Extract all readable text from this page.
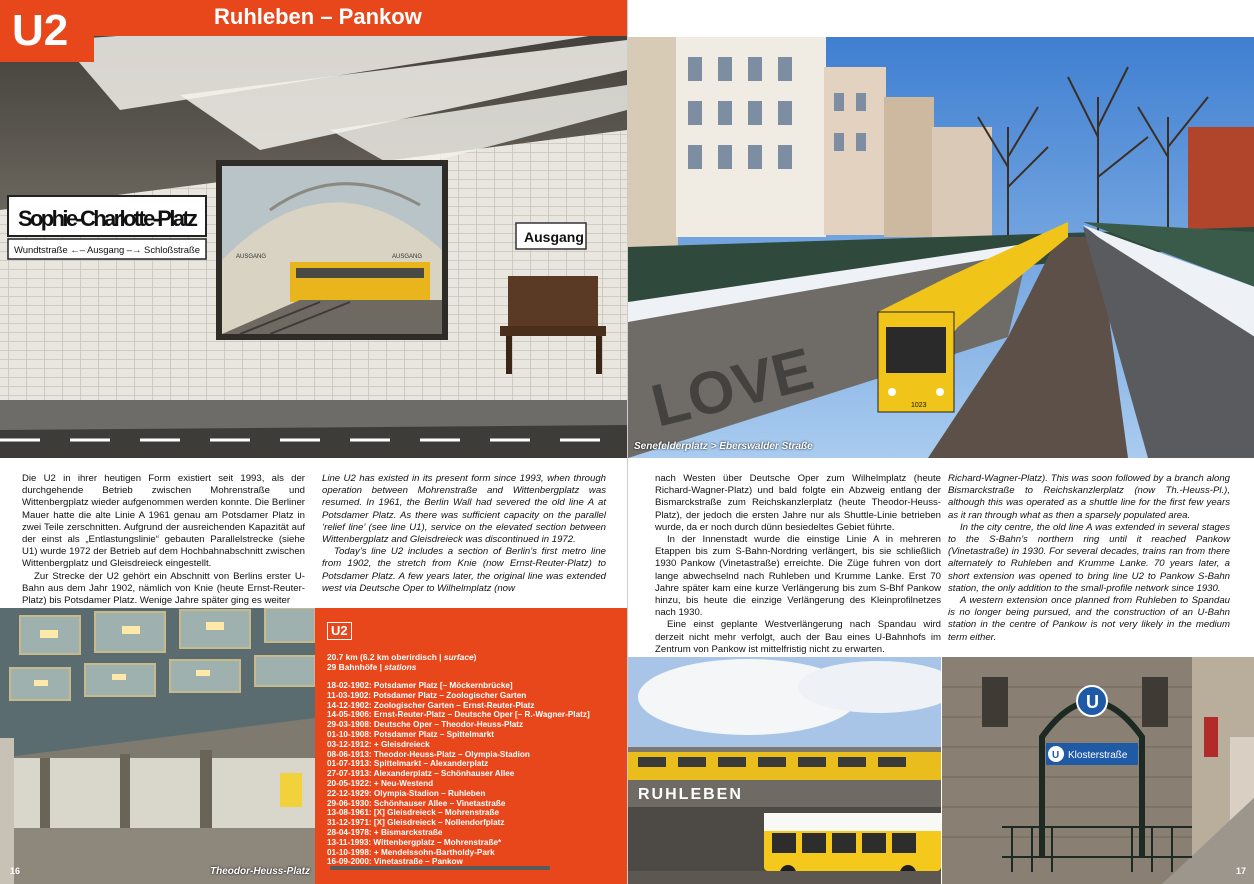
AUSGANG	AUSGANG
Sophie-Charlotte-Platz
Wundtstraße ←– Ausgang –→ Schloßstraße
Ausgang
U2	Ruhleben – Pankow

Die U2 in ihrer heutigen Form existiert seit 1993, als der durchgehende Betrieb zwischen Mohrenstraße und Wittenbergplatz wieder aufgenommen werden konnte. Die Berliner Mauer hatte die alte Linie A 1961 genau am Potsdamer Platz in zwei Teile zerschnitten. Aufgrund der ausreichenden Kapazität auf der einst als „Entlastungslinie“ gebauten Parallelstrecke (siehe U1) wurde 1972 der Betrieb auf dem Hochbahnabschnitt zwischen Wittenbergplatz und Gleisdreieck eingestellt.

Zur Strecke der U2 gehört ein Abschnitt von Berlins erster U-Bahn aus dem Jahr 1902, nämlich von Knie (heute Ernst-Reuter-Platz) bis Potsdamer Platz. Wenige Jahre später ging es weiter

Line U2 has existed in its present form since 1993, when through operation between Mohrenstraße and Wittenbergplatz was resumed. In 1961, the Berlin Wall had severed the old line A at Potsdamer Platz. As there was sufficient capacity on the parallel ‘relief line’ (see line U1), service on the elevated section between Wittenbergplatz and Gleisdreieck was discontinued in 1972.

Today’s line U2 includes a section of Berlin’s first metro line from 1902, the stretch from Knie (now Ernst-Reuter-Platz) to Potsdamer Platz. A few years later, the original line was extended west via Deutsche Oper to Wilhelmplatz (now

Theodor-Heuss-Platz
16
U2
20.7 km (6.2 km oberirdisch | surface)
29 Bahnhöfe | stations
18-02-1902: Potsdamer Platz [– Möckernbrücke]
11-03-1902: Potsdamer Platz – Zoologischer Garten
14-12-1902: Zoologischer Garten – Ernst-Reuter-Platz
14-05-1906: Ernst-Reuter-Platz – Deutsche Oper [– R.-Wagner-Platz]
29-03-1908: Deutsche Oper – Theodor-Heuss-Platz
01-10-1908: Potsdamer Platz – Spittelmarkt
03-12-1912: + Gleisdreieck
08-06-1913: Theodor-Heuss-Platz – Olympia-Stadion
01-07-1913: Spittelmarkt – Alexanderplatz
27-07-1913: Alexanderplatz – Schönhauser Allee
20-05-1922: + Neu-Westend
22-12-1929: Olympia-Stadion – Ruhleben
29-06-1930: Schönhauser Allee – Vinetastraße
13-08-1961: [X] Gleisdreieck – Mohrenstraße
31-12-1971: [X] Gleisdreieck – Nollendorfplatz
28-04-1978: + Bismarckstraße
13-11-1993: Wittenbergplatz – Mohrenstraße*
01-10-1998: + Mendelssohn-Bartholdy-Park
16-09-2000: Vinetastraße – Pankow
LOVE	1023
Senefelderplatz > Eberswalder Straße

nach Westen über Deutsche Oper zum Wilhelmplatz (heute Richard-Wagner-Platz) und bald folgte ein Abzweig entlang der Bismarckstraße zum Reichskanzlerplatz (heute Theodor-Heuss-Platz), der jedoch die ersten Jahre nur als Shuttle-Linie betrieben wurde, da er noch durch dünn besiedeltes Gebiet führte.

In der Innenstadt wurde die einstige Linie A in mehreren Etappen bis zum S-Bahn-Nordring verlängert, bis sie schließlich 1930 Pankow (Vinetastraße) erreichte. Die Züge fuhren von dort lange abwechselnd nach Ruhleben und Krumme Lanke. Erst 70 Jahre später kam eine kurze Verlängerung bis zum S-Bhf Pankow hinzu, bis heute die einzige Verlängerung des Kleinprofilnetzes nach 1930.

Eine einst geplante Westverlängerung nach Spandau wird derzeit nicht mehr verfolgt, auch der Bau eines U-Bahnhofs im Zentrum von Pankow ist mittelfristig nicht zu erwarten.

Richard-Wagner-Platz). This was soon followed by a branch along Bismarckstraße to Reichskanzlerplatz (now Th.-Heuss-Pl.), although this was operated as a shuttle line for the first few years as it ran through what as then a sparsely populated area.

In the city centre, the old line A was extended in several stages to the S-Bahn’s northern ring until it reached Pankow (Vinetastraße) in 1930. For several decades, trains ran from there alternately to Ruhleben and Krumme Lanke. 70 years later, a short extension was opened to bring line U2 to Pankow S-Bahn station, the only addition to the small-profile network since 1930.

A western extension once planned from Ruhleben to Spandau is no longer being pursued, and the construction of an U-Bahn station in the centre of Pankow is not very likely in the medium term either.

RUHLEBEN
U
U Klosterstraße
17
